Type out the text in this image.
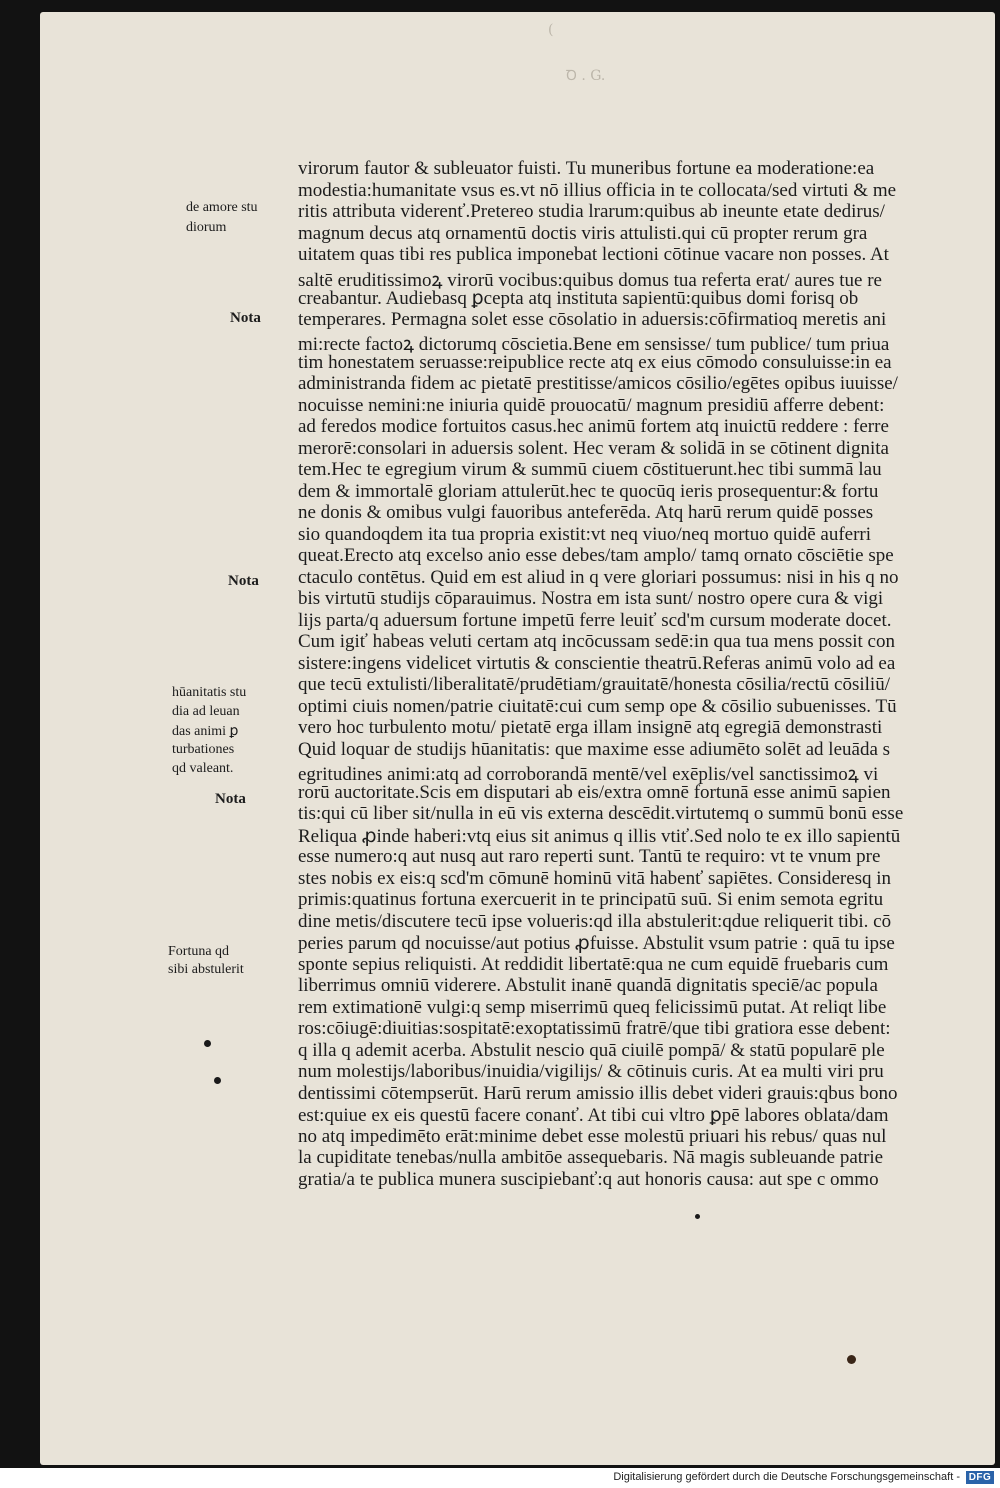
(
Ꝺ . G.
virorum fautor & subleuator fuisti. Tu muneribus fortune ea moderatione:ea
modestia:humanitate vsus es.vt nō illius officia in te collocata/sed virtuti & me
ritis attributa viderenť.Pretereo studia lrarum:quibus ab ineunte etate dedirus/
magnum decus atq ornamentū doctis viris attulisti.qui cū propter rerum gra
uitatem quas tibi res publica imponebat lectioni cōtinue vacare non posses. At
saltē eruditissimoꝝ virorū vocibus:quibus domus tua referta erat/ aures tue re
creabantur. Audiebasq ꝑcepta atq instituta sapientū:quibus domi forisq ob
temperares. Permagna solet esse cōsolatio in aduersis:cōfirmatioq meretis ani
mi:recte factoꝝ dictorumq cōscietia.Bene em sensisse/ tum publice/ tum priua
tim honestatem seruasse:reipublice recte atq ex eius cōmodo consuluisse:in ea
administranda fidem ac pietatē prestitisse/amicos cōsilio/egētes opibus iuuisse/
nocuisse nemini:ne iniuria quidē prouocatū/ magnum presidiū afferre debent:
ad feredos modice fortuitos casus.hec animū fortem atq inuictū reddere : ferre
merorē:consolari in aduersis solent. Hec veram & solidā in se cōtinent dignita
tem.Hec te egregium virum & summū ciuem cōstituerunt.hec tibi summā lau
dem & immortalē gloriam attulerūt.hec te quocūq ieris prosequentur:& fortu
ne donis & omibus vulgi fauoribus anteferēda. Atq harū rerum quidē posses
sio quandoqdem ita tua propria existit:vt neq viuo/neq mortuo quidē auferri
queat.Erecto atq excelso anio esse debes/tam amplo/ tamq ornato cōsciētie spe
ctaculo contētus. Quid em est aliud in q vere gloriari possumus: nisi in his q no
bis virtutū studijs cōparauimus. Nostra em ista sunt/ nostro opere cura & vigi
lijs parta/q aduersum fortune impetū ferre leuiť scd'm cursum moderate docet.
Cum igiť habeas veluti certam atq incōcussam sedē:in qua tua mens possit con
sistere:ingens videlicet virtutis & conscientie theatrū.Referas animū volo ad ea
que tecū extulisti/liberalitatē/prudētiam/grauitatē/honesta cōsilia/rectū cōsiliū/
optimi ciuis nomen/patrie ciuitatē:cui cum semp ope & cōsilio subuenisses. Tū
vero hoc turbulento motu/ pietatē erga illam insignē atq egregiā demonstrasti
Quid loquar de studijs hūanitatis: que maxime esse adiumēto solēt ad leuāda s
egritudines animi:atq ad corroborandā mentē/vel exēplis/vel sanctissimoꝝ vi
rorū auctoritate.Scis em disputari ab eis/extra omnē fortunā esse animū sapien
tis:qui cū liber sit/nulla in eū vis externa descēdit.virtutemq o summū bonū esse
Reliqua ꝓinde haberi:vtq eius sit animus q illis vtiť.Sed nolo te ex illo sapientū
esse numero:q aut nusq aut raro reperti sunt. Tantū te requiro: vt te vnum pre
stes nobis ex eis:q scd'm cōmunē hominū vitā habenť sapiētes. Consideresq in
primis:quatinus fortuna exercuerit in te principatū suū. Si enim semota egritu
dine metis/discutere tecū ipse volueris:qd illa abstulerit:qdue reliquerit tibi. cō
peries parum qd nocuisse/aut potius ꝓfuisse. Abstulit vsum patrie : quā tu ipse
sponte sepius reliquisti. At reddidit libertatē:qua ne cum equidē fruebaris cum
liberrimus omniū viderere. Abstulit inanē quandā dignitatis speciē/ac popula
rem extimationē vulgi:q semp miserrimū queq felicissimū putat. At reliqt libe
ros:cōiugē:diuitias:sospitatē:exoptatissimū fratrē/que tibi gratiora esse debent:
q illa q ademit acerba. Abstulit nescio quā ciuilē pompā/ & statū popularē ple
num molestijs/laboribus/inuidia/vigilijs/ & cōtinuis curis. At ea multi viri pru
dentissimi cōtempserūt. Harū rerum amissio illis debet videri grauis:qbus bono
est:quiue ex eis questū facere conanť. At tibi cui vltro ꝑpē labores oblata/dam
no atq impedimēto erāt:minime debet esse molestū priuari his rebus/ quas nul
la cupiditate tenebas/nulla ambitōe assequebaris. Nā magis subleuande patrie
gratia/a te publica munera suscipiebanť:q aut honoris causa: aut spe c ommo
de amore stu
diorum
Nota
Nota
hūanitatis stu
dia ad leuan
das animi ꝑ
turbationes
qd valeant.
Nota
Fortuna qd
sibi abstulerit
Digitalisierung gefördert durch die Deutsche Forschungsgemeinschaft - DFG
